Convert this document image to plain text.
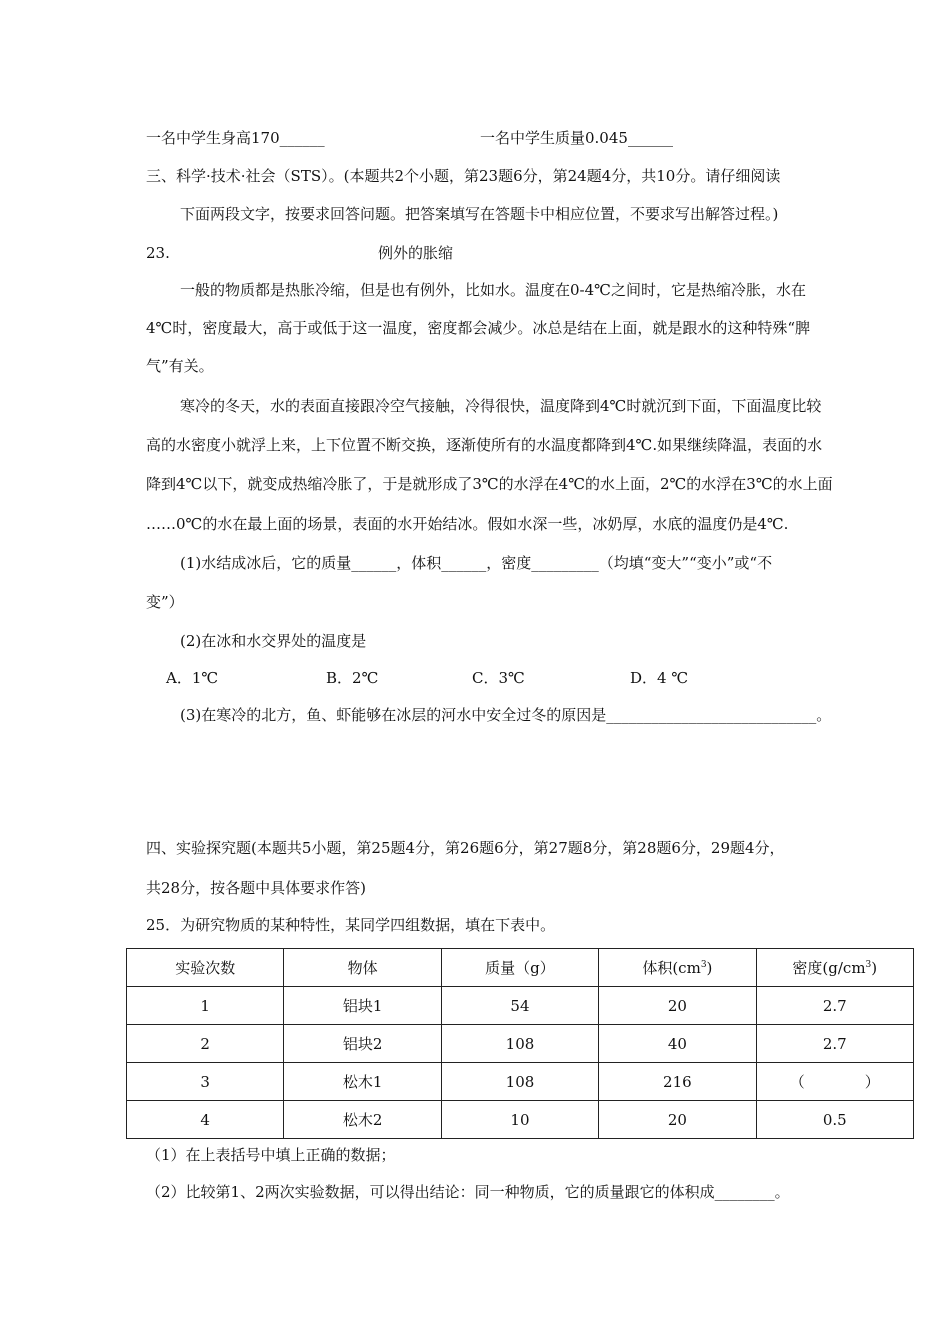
一名中学生身高170______	一名中学生质量0.045______
三、科学·技术·社会（STS）。(本题共2个小题，第23题6分，第24题4分，共10分。请仔细阅读
下面两段文字，按要求回答问题。把答案填写在答题卡中相应位置，不要求写出解答过程。)
23.	例外的胀缩
一般的物质都是热胀冷缩，但是也有例外，比如水。温度在0-4℃之间时，它是热缩冷胀，水在
4℃时，密度最大，高于或低于这一温度，密度都会减少。冰总是结在上面，就是跟水的这种特殊“脾
气”有关。
寒冷的冬天，水的表面直接跟冷空气接触，冷得很快，温度降到4℃时就沉到下面，下面温度比较
高的水密度小就浮上来，上下位置不断交换，逐渐使所有的水温度都降到4℃.如果继续降温，表面的水
降到4℃以下，就变成热缩冷胀了，于是就形成了3℃的水浮在4℃的水上面，2℃的水浮在3℃的水上面
……0℃的水在最上面的场景，表面的水开始结冰。假如水深一些，冰奶厚，水底的温度仍是4℃.
(1)水结成冰后，它的质量______，体积______，密度_________（均填“变大”“变小”或“不
变”）
(2)在冰和水交界处的温度是
A．1℃	B．2℃	C．3℃	D．4 ℃
(3)在寒冷的北方，鱼、虾能够在冰层的河水中安全过冬的原因是____________________________。
四、实验探究题(本题共5小题，第25题4分，第26题6分，第27题8分，第28题6分，29题4分，
共28分，按各题中具体要求作答)
25．为研究物质的某种特性，某同学四组数据，填在下表中。
实验次数	物体	质量（g）	体积$(cm^3)$	密度$(g/cm^3)$
1	铝块1	54	20	2.7
2	铝块2	108	40	2.7
3	松木1	108	216	（　　　　）
4	松木2	10	20	0.5
（1）在上表括号中填上正确的数据；
（2）比较第1、2两次实验数据，可以得出结论：同一种物质，它的质量跟它的体积成________。
